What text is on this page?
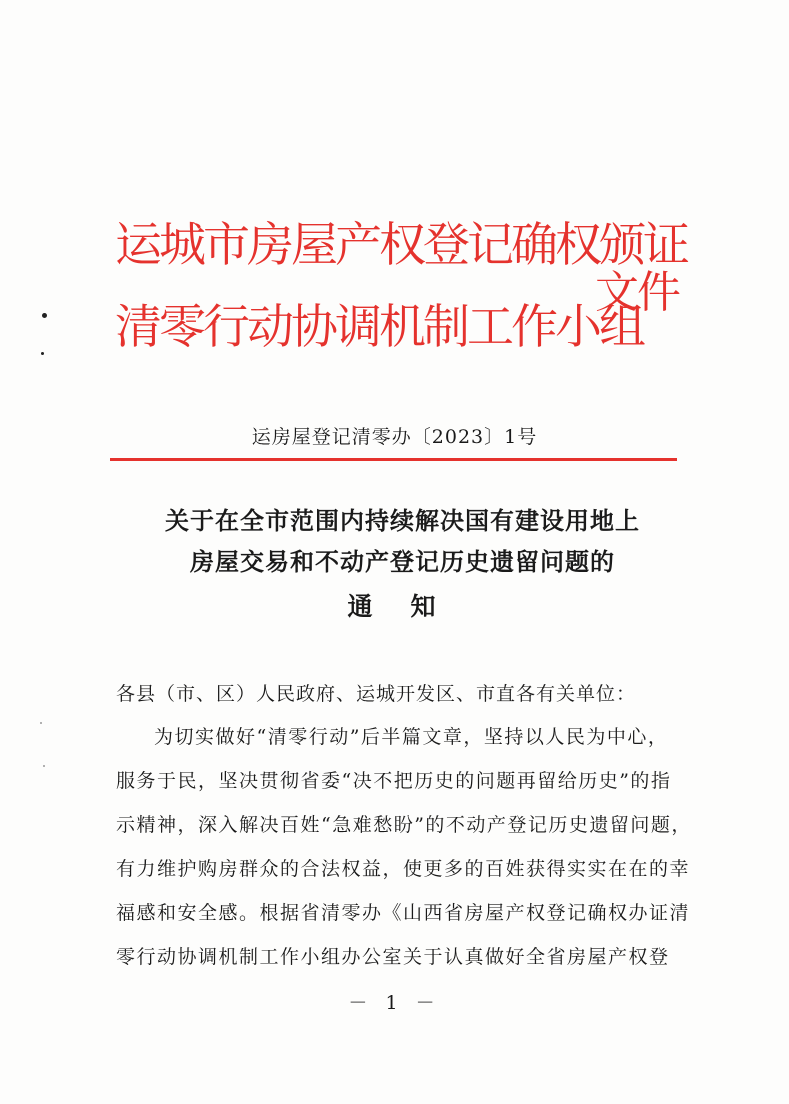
运城市房屋产权登记确权颁证
清零行动协调机制工作小组
文件
运房屋登记清零办〔2023〕1号
关于在全市范围内持续解决国有建设用地上
房屋交易和不动产登记历史遗留问题的
通知
各县（市、区）人民政府、运城开发区、市直各有关单位：
为切实做好“清零行动”后半篇文章，坚持以人民为中心，
服务于民，坚决贯彻省委“决不把历史的问题再留给历史”的指
示精神，深入解决百姓“急难愁盼”的不动产登记历史遗留问题，
有力维护购房群众的合法权益，使更多的百姓获得实实在在的幸
福感和安全感。根据省清零办《山西省房屋产权登记确权办证清
零行动协调机制工作小组办公室关于认真做好全省房屋产权登
－ 1 －
